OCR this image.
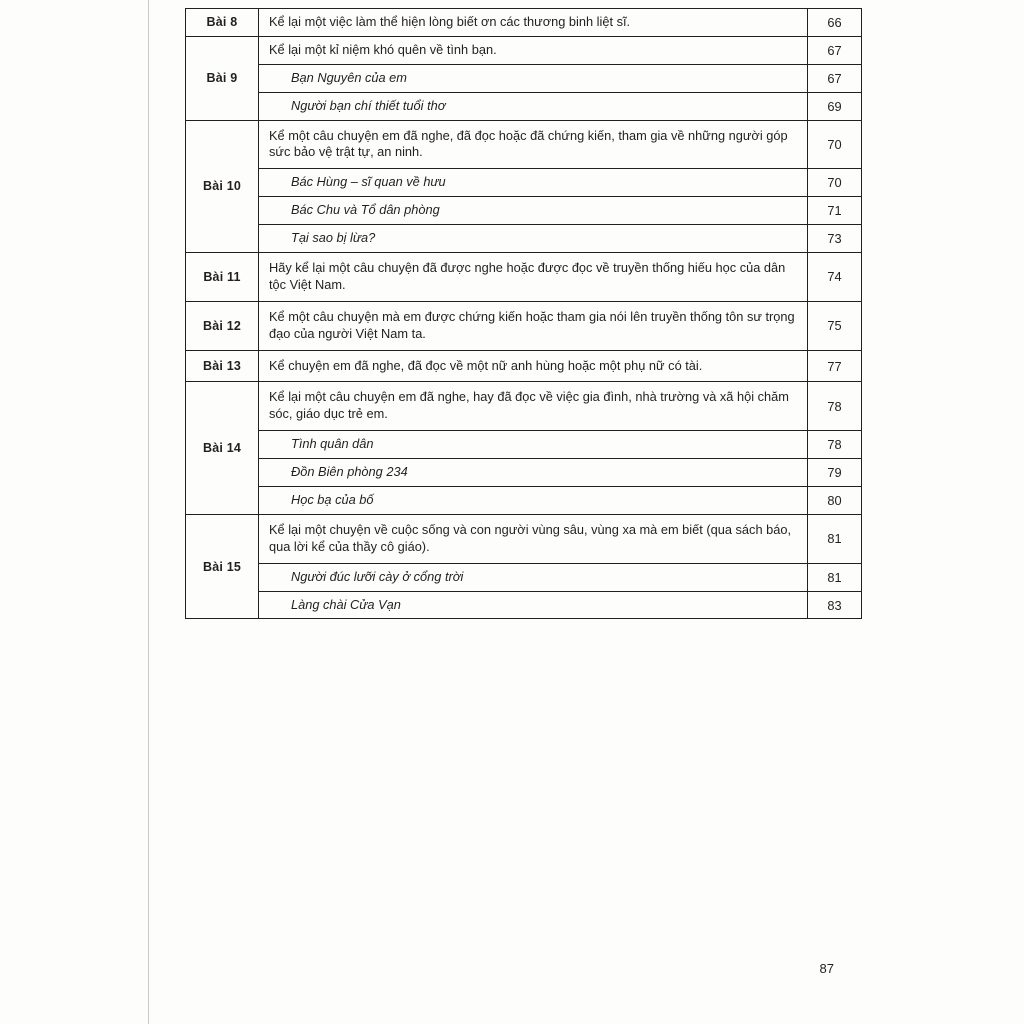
Bài 8	Kể lại một việc làm thể hiện lòng biết ơn các thương binh liệt sĩ.	66
Bài 9	Kể lại một kỉ niệm khó quên về tình bạn.	67
	Bạn Nguyên của em	67
	Người bạn chí thiết tuổi thơ	69
Bài 10	Kể một câu chuyện em đã nghe, đã đọc hoặc đã chứng kiến, tham gia về những người góp sức bảo vệ trật tự, an ninh.	70
	Bác Hùng – sĩ quan về hưu	70
	Bác Chu và Tổ dân phòng	71
	Tại sao bị lừa?	73
Bài 11	Hãy kể lại một câu chuyện đã được nghe hoặc được đọc về truyền thống hiếu học của dân tộc Việt Nam.	74
Bài 12	Kể một câu chuyện mà em được chứng kiến hoặc tham gia nói lên truyền thống tôn sư trọng đạo của người Việt Nam ta.	75
Bài 13	Kể chuyện em đã nghe, đã đọc về một nữ anh hùng hoặc một phụ nữ có tài.	77
Bài 14	Kể lại một câu chuyện em đã nghe, hay đã đọc về việc gia đình, nhà trường và xã hội chăm sóc, giáo dục trẻ em.	78
	Tình quân dân	78
	Đồn Biên phòng 234	79
	Học bạ của bố	80
Bài 15	Kể lại một chuyện về cuộc sống và con người vùng sâu, vùng xa mà em biết (qua sách báo, qua lời kể của thầy cô giáo).	81
	Người đúc lưỡi cày ở cổng trời	81
	Làng chài Cửa Vạn	83
87
